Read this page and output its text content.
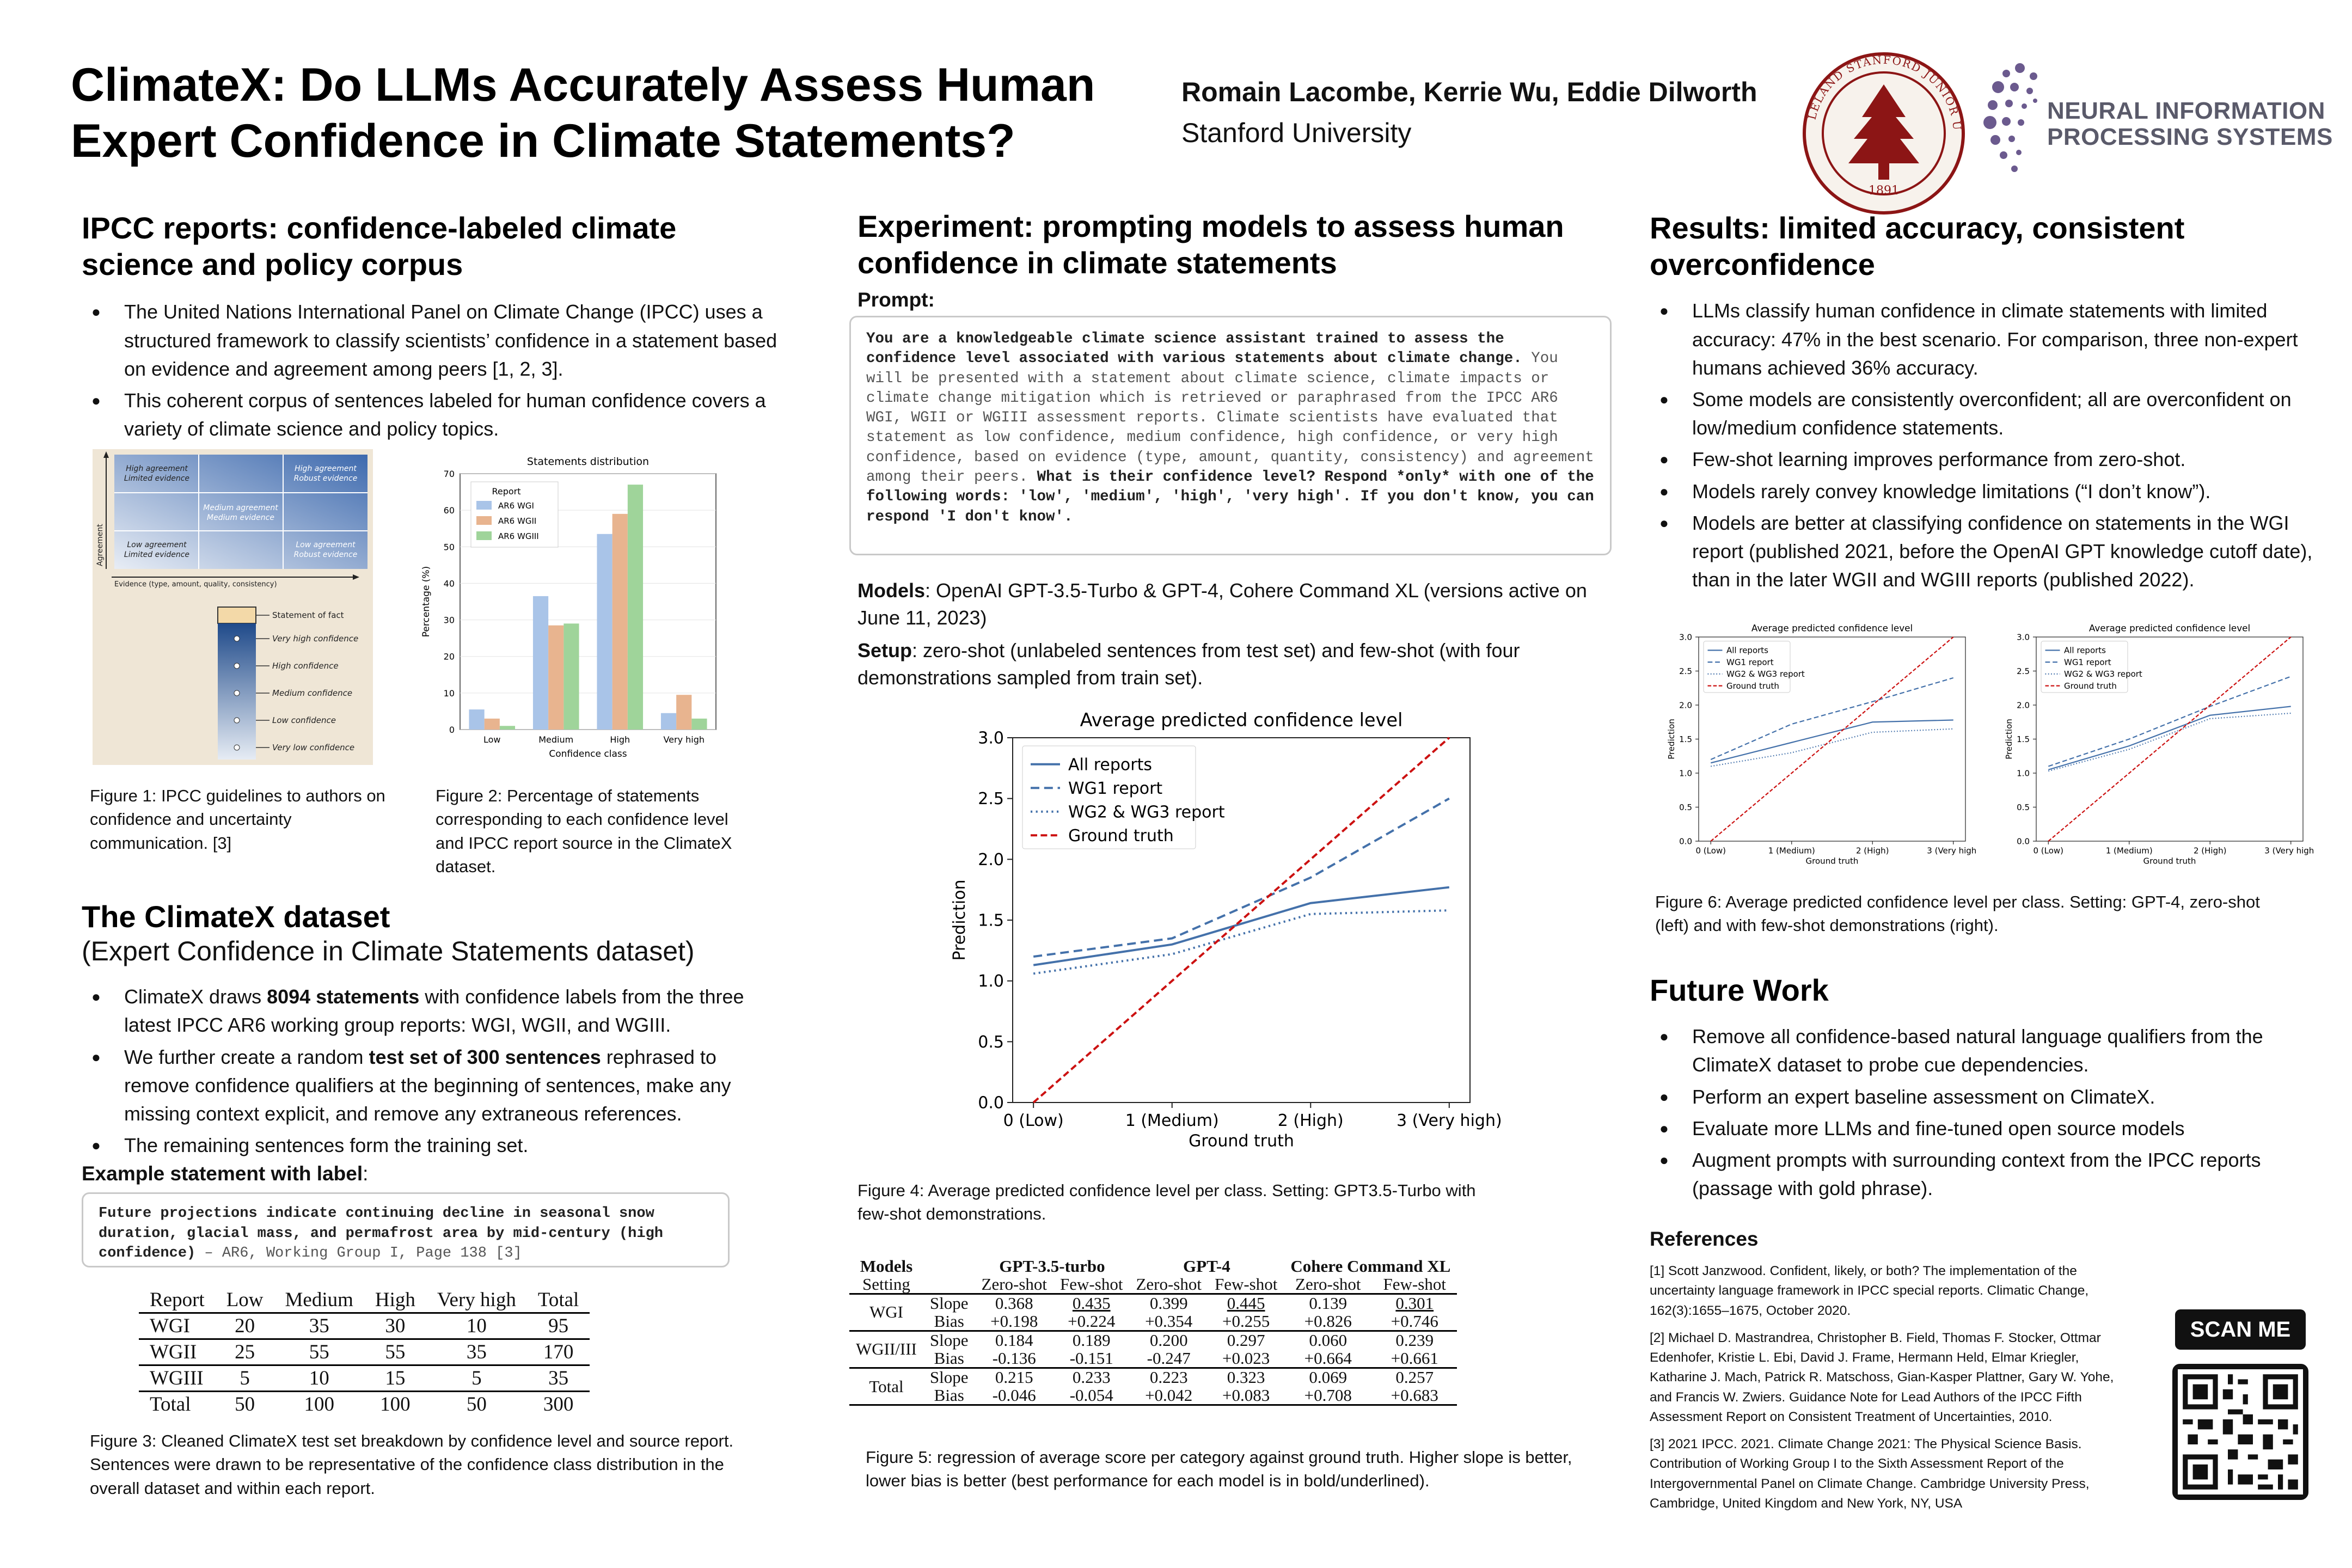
ClimateX: Do LLMs Accurately Assess Human Expert Confidence in Climate Statements?
Romain Lacombe, Kerrie Wu, Eddie Dilworth
Stanford University
LELAND STANFORD JUNIOR U
1891
NEURAL INFORMATION
PROCESSING SYSTEMS
IPCC reports: confidence-labeled climate science and policy corpus
● The United Nations International Panel on Climate Change (IPCC) uses a structured framework to classify scientists’ confidence in a statement based on evidence and agreement among peers [1, 2, 3].
● This coherent corpus of sentences labeled for human confidence covers a variety of climate science and policy topics.
High agreement
Limited evidence
High agreement
Robust evidence
Medium agreement
Medium evidence
Low agreement
Limited evidence
Low agreement
Robust evidence
Agreement
Evidence (type, amount, quality, consistency)
Statement of fact
Very high confidence
High confidence
Medium confidence
Low confidence
Very low confidence
Figure 1: IPCC guidelines to authors on confidence and uncertainty communication. [3]
Statements distribution
0
10
20
30
40
50
60
70
Low	Medium	High	Very high
Confidence class
Percentage (%)
Report
AR6 WGI
AR6 WGII
AR6 WGIII
Figure 2: Percentage of statements corresponding to each confidence level and IPCC report source in the ClimateX dataset.
The ClimateX dataset
(Expert Confidence in Climate Statements dataset)
● ClimateX draws 8094 statements with confidence labels from the three latest IPCC AR6 working group reports: WGI, WGII, and WGIII.
● We further create a random test set of 300 sentences rephrased to remove confidence qualifiers at the beginning of sentences, make any missing context explicit, and remove any extraneous references.
● The remaining sentences form the training set.
Example statement with label:
Future projections indicate continuing decline in seasonal snow duration, glacial mass, and permafrost area by mid-century (high confidence) – AR6, Working Group I, Page 138 [3]
Report	Low	Medium	High	Very high	Total
WGI	20	35	30	10	95
WGII	25	55	55	35	170
WGIII	5	10	15	5	35
Total	50	100	100	50	300
Figure 3: Cleaned ClimateX test set breakdown by confidence level and source report. Sentences were drawn to be representative of the confidence class distribution in the overall dataset and within each report.
Experiment: prompting models to assess human confidence in climate statements
Prompt:
You are a knowledgeable climate science assistant trained to assess the confidence level associated with various statements about climate change. You will be presented with a statement about climate science, climate impacts or climate change mitigation which is retrieved or paraphrased from the IPCC AR6 WGI, WGII or WGIII assessment reports. Climate scientists have evaluated that statement as low confidence, medium confidence, high confidence, or very high confidence, based on evidence (type, amount, quantity, consistency) and agreement among their peers. What is their confidence level? Respond *only* with one of the following words: 'low', 'medium', 'high', 'very high'. If you don't know, you can respond 'I don't know'.
Models: OpenAI GPT-3.5-Turbo & GPT-4, Cohere Command XL (versions active on June 11, 2023)
Setup: zero-shot (unlabeled sentences from test set) and few-shot (with four demonstrations sampled from train set).
Average predicted confidence level
0.0
0.5
1.0
1.5
2.0
2.5
3.0
0 (Low)	1 (Medium)	2 (High)	3 (Very high)
Ground truth
Prediction
All reports
WG1 report
WG2 & WG3 report
Ground truth
Figure 4: Average predicted confidence level per class. Setting: GPT3.5-Turbo with few-shot demonstrations.
Models		GPT-3.5-turbo		GPT-4		Cohere Command XL	
Setting		Zero-shot	Few-shot	Zero-shot	Few-shot	Zero-shot	Few-shot
WGI	Slope	0.368	0.435	0.399	0.445	0.139	0.301
	Bias	+0.198	+0.224	+0.354	+0.255	+0.826	+0.746
WGII/III	Slope	0.184	0.189	0.200	0.297	0.060	0.239
	Bias	-0.136	-0.151	-0.247	+0.023	+0.664	+0.661
Total	Slope	0.215	0.233	0.223	0.323	0.069	0.257
	Bias	-0.046	-0.054	+0.042	+0.083	+0.708	+0.683
Figure 5: regression of average score per category against ground truth. Higher slope is better, lower bias is better (best performance for each model is in bold/underlined).
Results: limited accuracy, consistent overconfidence
● LLMs classify human confidence in climate statements with limited accuracy: 47% in the best scenario. For comparison, three non-expert humans achieved 36% accuracy.
● Some models are consistently overconfident; all are overconfident on low/medium confidence statements.
● Few-shot learning improves performance from zero-shot.
● Models rarely convey knowledge limitations (“I don’t know”).
● Models are better at classifying confidence on statements in the WGI report (published 2021, before the OpenAI GPT knowledge cutoff date), than in the later WGII and WGIII reports (published 2022).
Average predicted confidence level
0.0
0.5
1.0
1.5
2.0
2.5
3.0
0 (Low)	1 (Medium)	2 (High)	3 (Very high)
Ground truth
Prediction
All reports
WG1 report
WG2 & WG3 report
Ground truth
Average predicted confidence level
0.0
0.5
1.0
1.5
2.0
2.5
3.0
0 (Low)	1 (Medium)	2 (High)	3 (Very high)
Ground truth
Prediction
All reports
WG1 report
WG2 & WG3 report
Ground truth
Figure 6: Average predicted confidence level per class. Setting: GPT-4, zero-shot (left) and with few-shot demonstrations (right).
Future Work
● Remove all confidence-based natural language qualifiers from the ClimateX dataset to probe cue dependencies.
● Perform an expert baseline assessment on ClimateX.
● Evaluate more LLMs and fine-tuned open source models
● Augment prompts with surrounding context from the IPCC reports (passage with gold phrase).
References

[1] Scott Janzwood. Confident, likely, or both? The implementation of the uncertainty language framework in IPCC special reports. Climatic Change, 162(3):1655–1675, October 2020.

[2] Michael D. Mastrandrea, Christopher B. Field, Thomas F. Stocker, Ottmar Edenhofer, Kristie L. Ebi, David J. Frame, Hermann Held, Elmar Kriegler, Katharine J. Mach, Patrick R. Matschoss, Gian-Kasper Plattner, Gary W. Yohe, and Francis W. Zwiers. Guidance Note for Lead Authors of the IPCC Fifth Assessment Report on Consistent Treatment of Uncertainties, 2010.

[3] 2021 IPCC. 2021. Climate Change 2021: The Physical Science Basis. Contribution of Working Group I to the Sixth Assessment Report of the Intergovernmental Panel on Climate Change. Cambridge University Press, Cambridge, United Kingdom and New York, NY, USA

SCAN ME
